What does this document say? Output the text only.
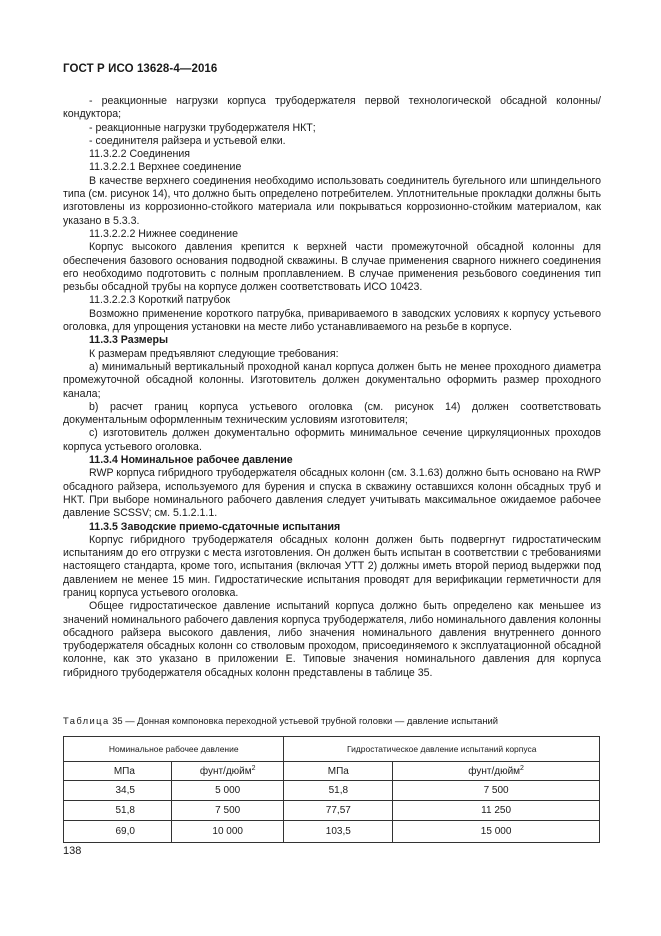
ГОСТ Р ИСО 13628-4—2016

- реакционные нагрузки корпуса трубодержателя первой технологической обсадной колонны/кондуктора;

- реакционные нагрузки трубодержателя НКТ;

- соединителя райзера и устьевой елки.

11.3.2.2 Соединения

11.3.2.2.1 Верхнее соединение

В качестве верхнего соединения необходимо использовать соединитель бугельного или шпиндельного типа (см. рисунок 14), что должно быть определено потребителем. Уплотнительные прокладки должны быть изготовлены из коррозионно-стойкого материала или покрываться коррозионно-стойким материалом, как указано в 5.3.3.

11.3.2.2.2 Нижнее соединение

Корпус высокого давления крепится к верхней части промежуточной обсадной колонны для обеспечения базового основания подводной скважины. В случае применения сварного нижнего соединения его необходимо подготовить с полным проплавлением. В случае применения резьбового соединения тип резьбы обсадной трубы на корпусе должен соответствовать ИСО 10423.

11.3.2.2.3 Короткий патрубок

Возможно применение короткого патрубка, привариваемого в заводских условиях к корпусу устьевого оголовка, для упрощения установки на месте либо устанавливаемого на резьбе в корпусе.

11.3.3 Размеры

К размерам предъявляют следующие требования:

а) минимальный вертикальный проходной канал корпуса должен быть не менее проходного диаметра промежуточной обсадной колонны. Изготовитель должен документально оформить размер проходного канала;

b) расчет границ корпуса устьевого оголовка (см. рисунок 14) должен соответствовать документальным оформленным техническим условиям изготовителя;

с) изготовитель должен документально оформить минимальное сечение циркуляционных проходов корпуса устьевого оголовка.

11.3.4 Номинальное рабочее давление

RWP корпуса гибридного трубодержателя обсадных колонн (см. 3.1.63) должно быть основано на RWP обсадного райзера, используемого для бурения и спуска в скважину оставшихся колонн обсадных труб и НКТ. При выборе номинального рабочего давления следует учитывать максимальное ожидаемое рабочее давление SCSSV; см. 5.1.2.1.1.

11.3.5 Заводские приемо-сдаточные испытания

Корпус гибридного трубодержателя обсадных колонн должен быть подвергнут гидростатическим испытаниям до его отгрузки с места изготовления. Он должен быть испытан в соответствии с требованиями настоящего стандарта, кроме того, испытания (включая УТТ 2) должны иметь второй период выдержки под давлением не менее 15 мин. Гидростатические испытания проводят для верификации герметичности для границ корпуса устьевого оголовка.

Общее гидростатическое давление испытаний корпуса должно быть определено как меньшее из значений номинального рабочего давления корпуса трубодержателя, либо номинального давления колонны обсадного райзера высокого давления, либо значения номинального давления внутреннего донного трубодержателя обсадных колонн со стволовым проходом, присоединяемого к эксплуатационной обсадной колонне, как это указано в приложении Е. Типовые значения номинального давления для корпуса гибридного трубодержателя обсадных колонн представлены в таблице 35.

Таблица 35 — Донная компоновка переходной устьевой трубной головки — давление испытаний
Номинальное рабочее давление		Гидростатическое давление испытаний корпуса	
МПа	фунт/дюйм$^2$	МПа	фунт/дюйм$^2$
34,5	5 000	51,8	7 500
51,8	7 500	77,57	11 250
69,0	10 000	103,5	15 000
138
